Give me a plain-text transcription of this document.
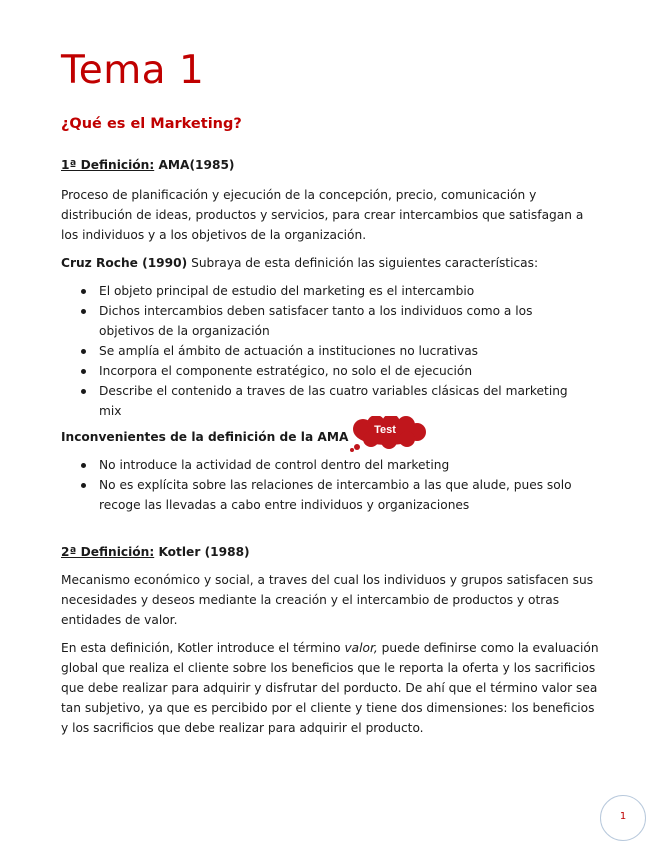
Tema 1
¿Qué es el Marketing?

1ª Definición: AMA(1985)

Proceso de planificación y ejecución de la concepción, precio, comunicación y distribución de ideas, productos y servicios, para crear intercambios que satisfagan a los individuos y a los objetivos de la organización.

Cruz Roche (1990) Subraya de esta definición las siguientes características:

El objeto principal de estudio del marketing es el intercambio
Dichos intercambios deben satisfacer tanto a los individuos como a los objetivos de la organización
Se amplía el ámbito de actuación a instituciones no lucrativas
Incorpora el componente estratégico, no solo el de ejecución
Describe el contenido a traves de las cuatro variables clásicas del marketing mix

Inconvenientes de la definición de la AMA

No introduce la actividad de control dentro del marketing
No es explícita sobre las relaciones de intercambio a las que alude, pues solo recoge las llevadas a cabo entre individuos y organizaciones

2ª Definición: Kotler (1988)

Mecanismo económico y social, a traves del cual los individuos y grupos satisfacen sus necesidades y deseos mediante la creación y el intercambio de productos y otras entidades de valor.

En esta definición, Kotler introduce el término valor, puede definirse como la evaluación global que realiza el cliente sobre los beneficios que le reporta la oferta y los sacrificios que debe realizar para adquirir y disfrutar del porducto. De ahí que el término valor sea tan subjetivo, ya que es percibido por el cliente y tiene dos dimensiones: los beneficios y los sacrificios que debe realizar para adquirir el producto.

Test
1
